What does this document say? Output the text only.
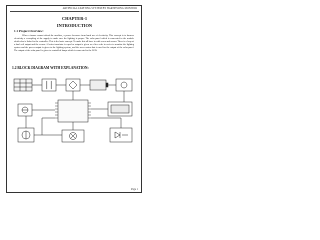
ARTIFICIAL LIGHTING SYSTEM BY HARNESSING MONITOR
CHAPTER-1
INTRODUCTION
1.1 Project Overview:
When a farmer cannot afford the machine, a power becomes from hand use of electricity. This concept is to harness electricity a recoupling of the supply to make sure the lighting is proper. The solar panel which is connected to the module which also is linked to the controller. This is the basic concept. To make this all have in with servo and sensor. There is a loop of a dual coil output and the sensor. A better transistor is equal or output is given as a line code in series to monitor the lighting system and the power output is given to the lighting system, and the servo motor that is used for the output of the solar panel. The output of the solar panel is given to controlled lamps which is connected to the LED.
1.2 BLOCK DIAGRAM WITH EXPLANATION:
Page 1
